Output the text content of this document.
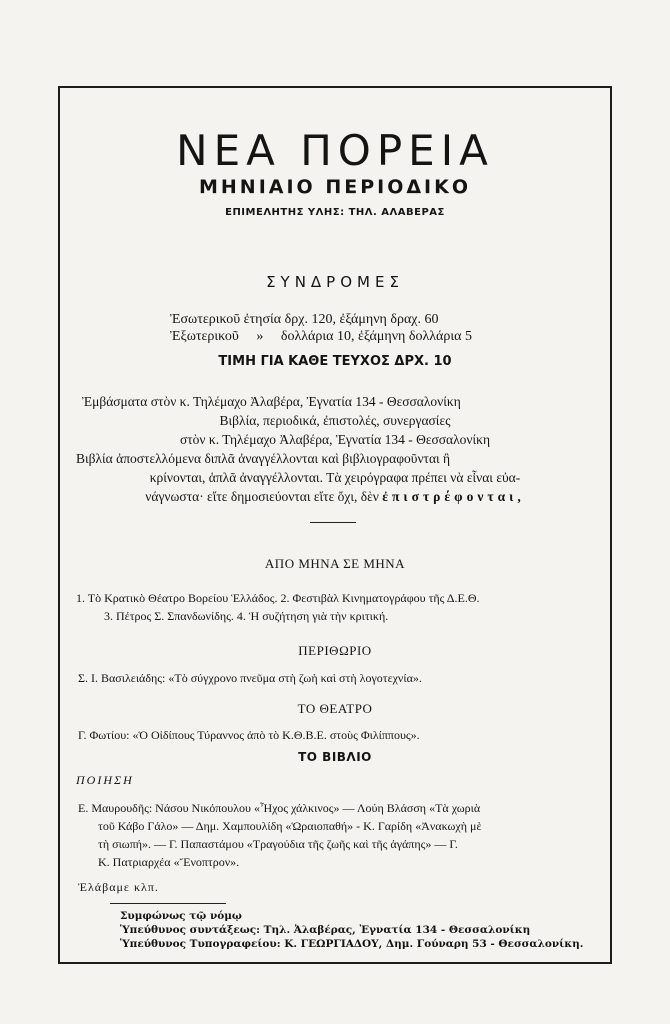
ΝΕΑ ΠΟΡΕΙΑ
ΜΗΝΙΑΙΟ ΠΕΡΙΟΔΙΚΟ
ΕΠΙΜΕΛΗΤΗΣ ΥΛΗΣ: ΤΗΛ. ΑΛΑΒΕΡΑΣ
ΣΥΝΔΡΟΜΕΣ
Ἐσωτερικοῦ ἐτησία δρχ. 120, ἐξάμηνη δραχ. 60
Ἐξωτερικοῦ     »     δολλάρια 10, ἐξάμηνη δολλάρια 5
ΤΙΜΗ ΓΙΑ ΚΑΘΕ ΤΕΥΧΟΣ ΔΡΧ. 10
Ἐμβάσματα στὸν κ. Τηλέμαχο Ἀλαβέρα, Ἐγνατία 134 - Θεσσαλονίκη
Βιβλία, περιοδικά, ἐπιστολές, συνεργασίες
στὸν κ. Τηλέμαχο Ἀλαβέρα, Ἐγνατία 134 - Θεσσαλονίκη
Βιβλία ἀποστελλόμενα διπλᾶ ἀναγγέλλονται καὶ βιβλιογραφοῦνται ἢ
κρίνονται, ἁπλᾶ ἀναγγέλλονται. Τὰ χειρόγραφα πρέπει νὰ εἶναι εὐα-
νάγνωστα· εἴτε δημοσιεύονται εἴτε ὄχι, δὲν ἐπιστρέφονται,
ΑΠΟ ΜΗΝΑ ΣΕ ΜΗΝΑ
1. Τὸ Κρατικὸ Θέατρο Βορείου Ἑλλάδος. 2. Φεστιβὰλ Κινηματογράφου τῆς Δ.Ε.Θ.
3. Πέτρος Σ. Σπανδωνίδης. 4. Ἡ συζήτηση γιὰ τὴν κριτική.
ΠΕΡΙΘΩΡΙΟ
Σ. Ι. Βασιλειάδης: «Τὸ σύγχρονο πνεῦμα στὴ ζωὴ καὶ στὴ λογοτεχνία».
ΤΟ ΘΕΑΤΡΟ
Γ. Φωτίου: «Ὁ Οἰδίπους Τύραννος ἀπὸ τὸ Κ.Θ.Β.Ε. στοὺς Φιλίππους».
ΤΟ ΒΙΒΛΙΟ
ΠΟΙΗΣΗ
Ε. Μαυρουδῆς: Νάσου Νικόπουλου «Ἦχος χάλκινος» — Λούη Βλάσση «Τὰ χωριὰ
τοῦ Κάβο Γάλο» — Δημ. Χαμπουλίδη «Ὡραιοπαθή» - Κ. Γαρίδη «Ἀνακωχὴ μὲ
τὴ σιωπή». — Γ. Παπαστάμου «Τραγούδια τῆς ζωῆς καὶ τῆς ἀγάπης» — Γ.
Κ. Πατριαρχέα «Ἔνοπτρον».
Ἐλάβαμε κλπ.
Συμφώνως τῷ νόμῳ
Ὑπεύθυνος συντάξεως: Τηλ. Ἀλαβέρας, Ἐγνατία 134 - Θεσσαλονίκη
Ὑπεύθυνος Τυπογραφείου: Κ. ΓΕΩΡΓΙΑΔΟΥ, Δημ. Γούναρη 53 - Θεσσαλονίκη.
